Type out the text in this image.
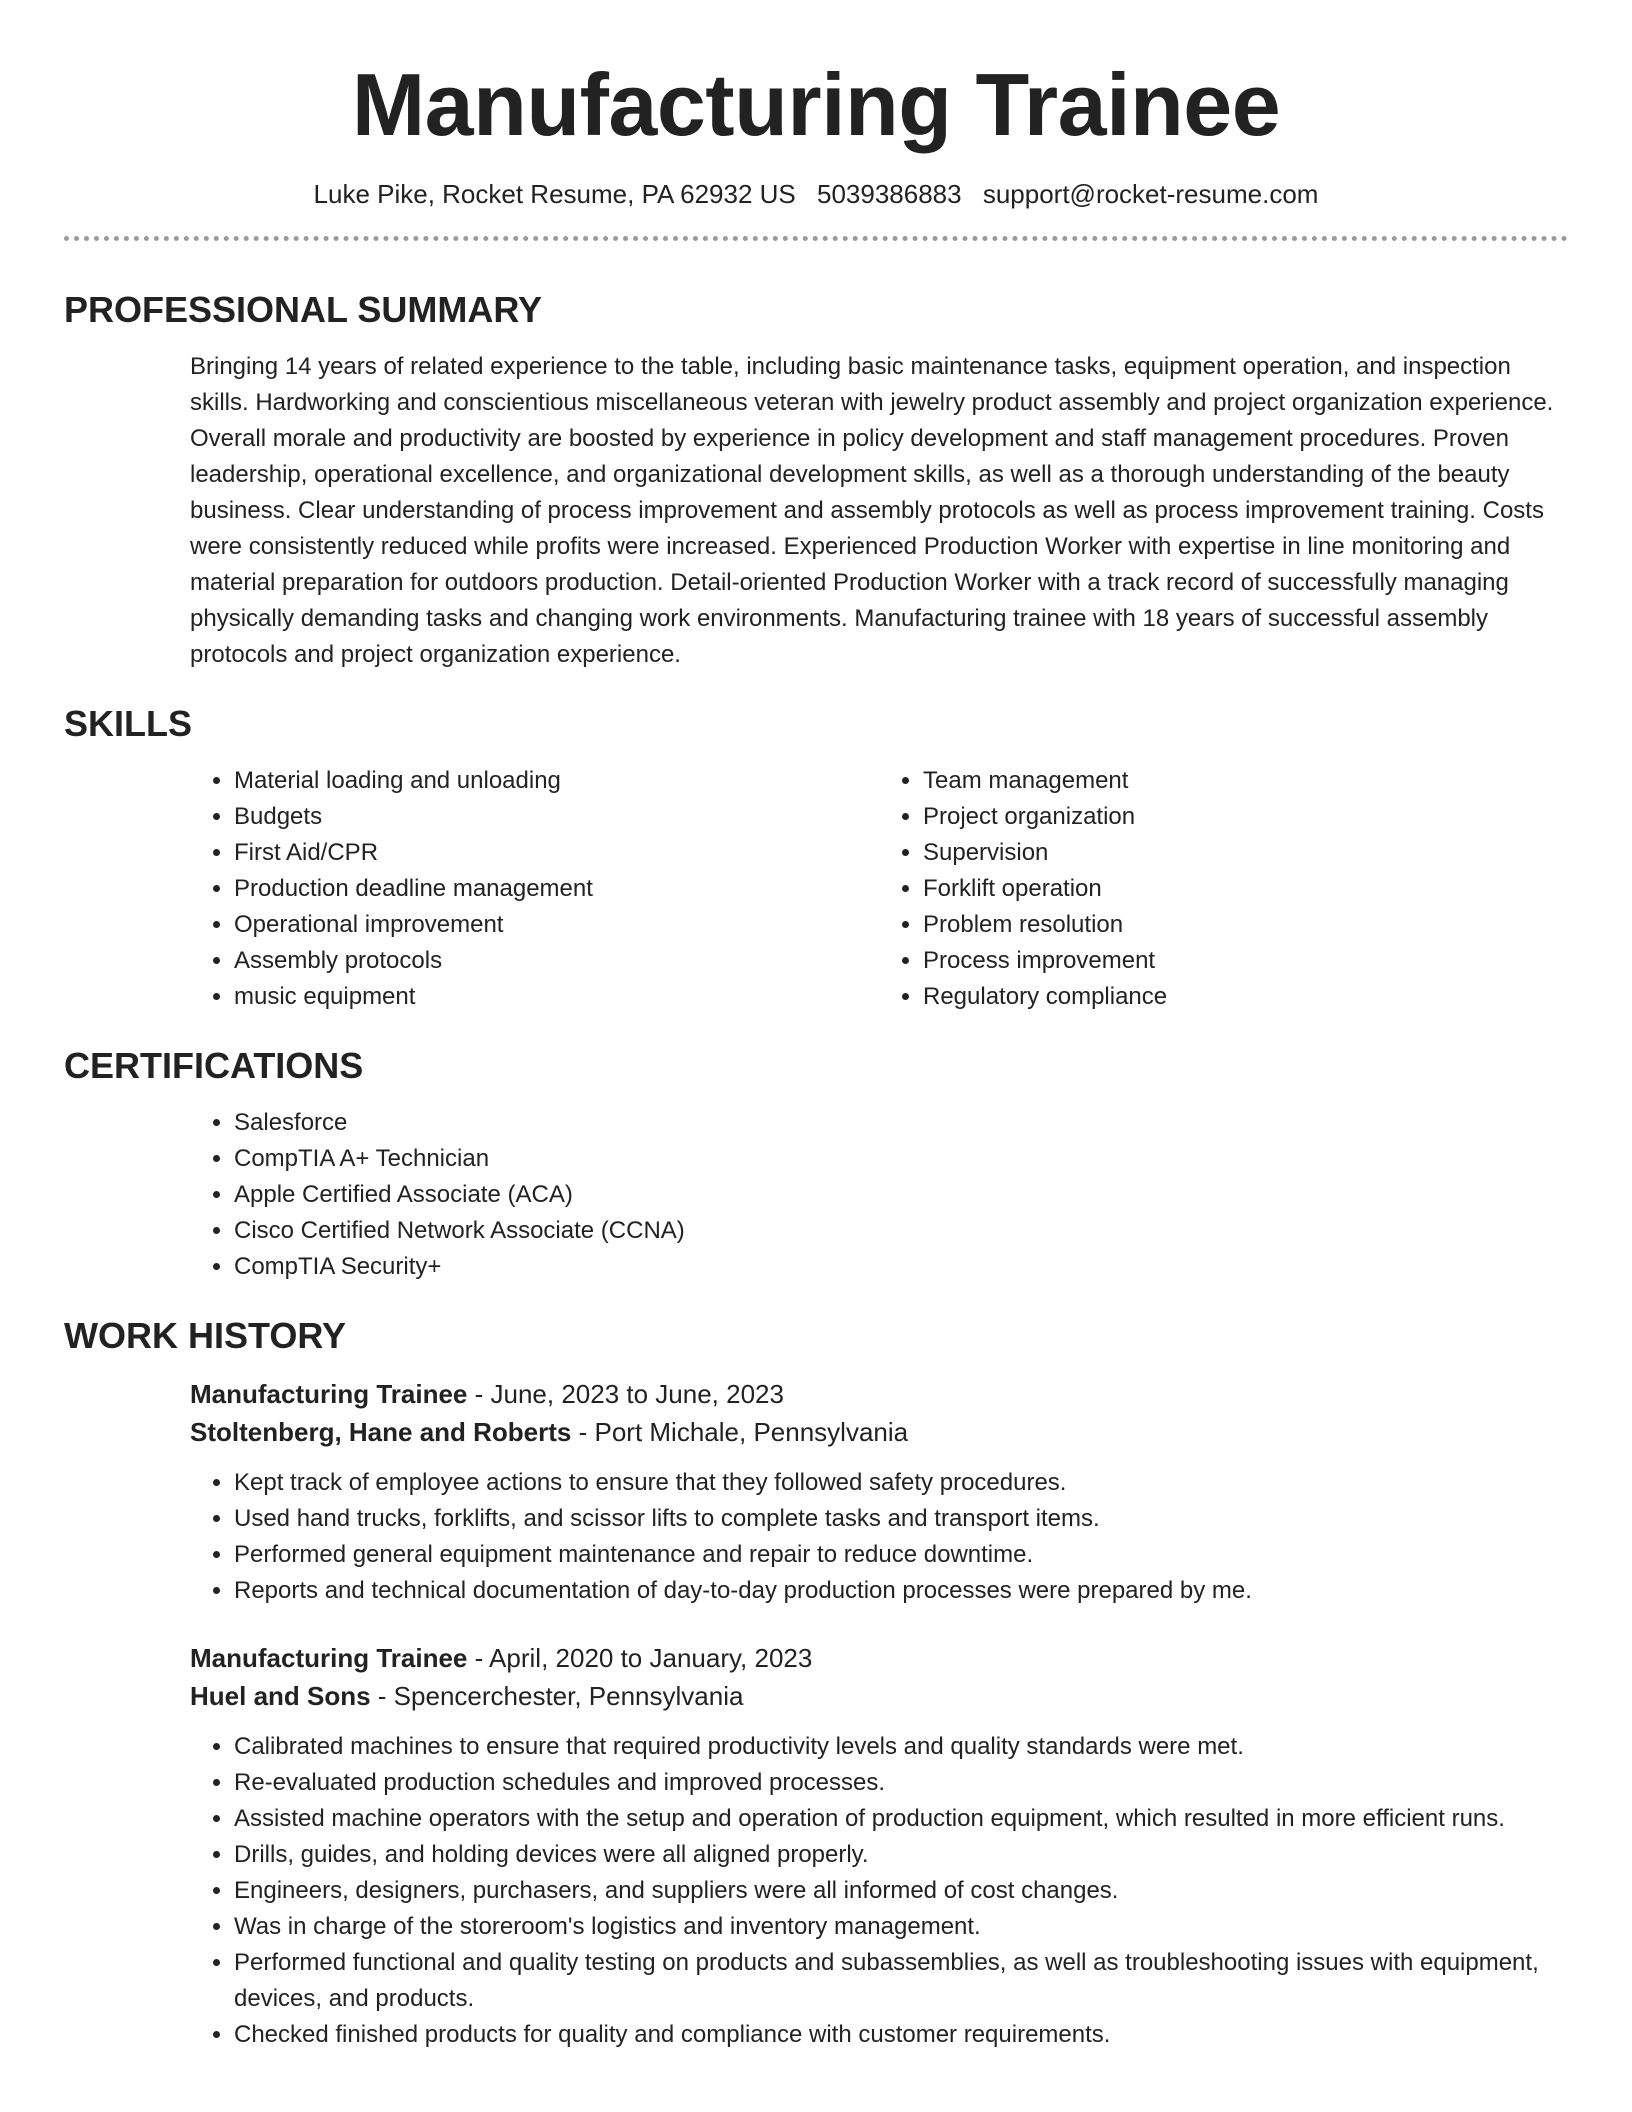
Manufacturing Trainee
Luke Pike, Rocket Resume, PA 62932 US 5039386883 support@rocket-resume.com
PROFESSIONAL SUMMARY

Bringing 14 years of related experience to the table, including basic maintenance tasks, equipment operation, and inspection skills. Hardworking and conscientious miscellaneous veteran with jewelry product assembly and project organization experience. Overall morale and productivity are boosted by experience in policy development and staff management procedures. Proven leadership, operational excellence, and organizational development skills, as well as a thorough understanding of the beauty business. Clear understanding of process improvement and assembly protocols as well as process improvement training. Costs were consistently reduced while profits were increased. Experienced Production Worker with expertise in line monitoring and material preparation for outdoors production. Detail-oriented Production Worker with a track record of successfully managing physically demanding tasks and changing work environments. Manufacturing trainee with 18 years of successful assembly protocols and project organization experience.

SKILLS
• Material loading and unloading
• Budgets
• First Aid/CPR
• Production deadline management
• Operational improvement
• Assembly protocols
• music equipment
• Team management
• Project organization
• Supervision
• Forklift operation
• Problem resolution
• Process improvement
• Regulatory compliance
CERTIFICATIONS
• Salesforce
• CompTIA A+ Technician
• Apple Certified Associate (ACA)
• Cisco Certified Network Associate (CCNA)
• CompTIA Security+
WORK HISTORY
Manufacturing Trainee - June, 2023 to June, 2023
Stoltenberg, Hane and Roberts - Port Michale, Pennsylvania
• Kept track of employee actions to ensure that they followed safety procedures.
• Used hand trucks, forklifts, and scissor lifts to complete tasks and transport items.
• Performed general equipment maintenance and repair to reduce downtime.
• Reports and technical documentation of day-to-day production processes were prepared by me.
Manufacturing Trainee - April, 2020 to January, 2023
Huel and Sons - Spencerchester, Pennsylvania
• Calibrated machines to ensure that required productivity levels and quality standards were met.
• Re-evaluated production schedules and improved processes.
• Assisted machine operators with the setup and operation of production equipment, which resulted in more efficient runs.
• Drills, guides, and holding devices were all aligned properly.
• Engineers, designers, purchasers, and suppliers were all informed of cost changes.
• Was in charge of the storeroom's logistics and inventory management.
• Performed functional and quality testing on products and subassemblies, as well as troubleshooting issues with equipment, devices, and products.
• Checked finished products for quality and compliance with customer requirements.
